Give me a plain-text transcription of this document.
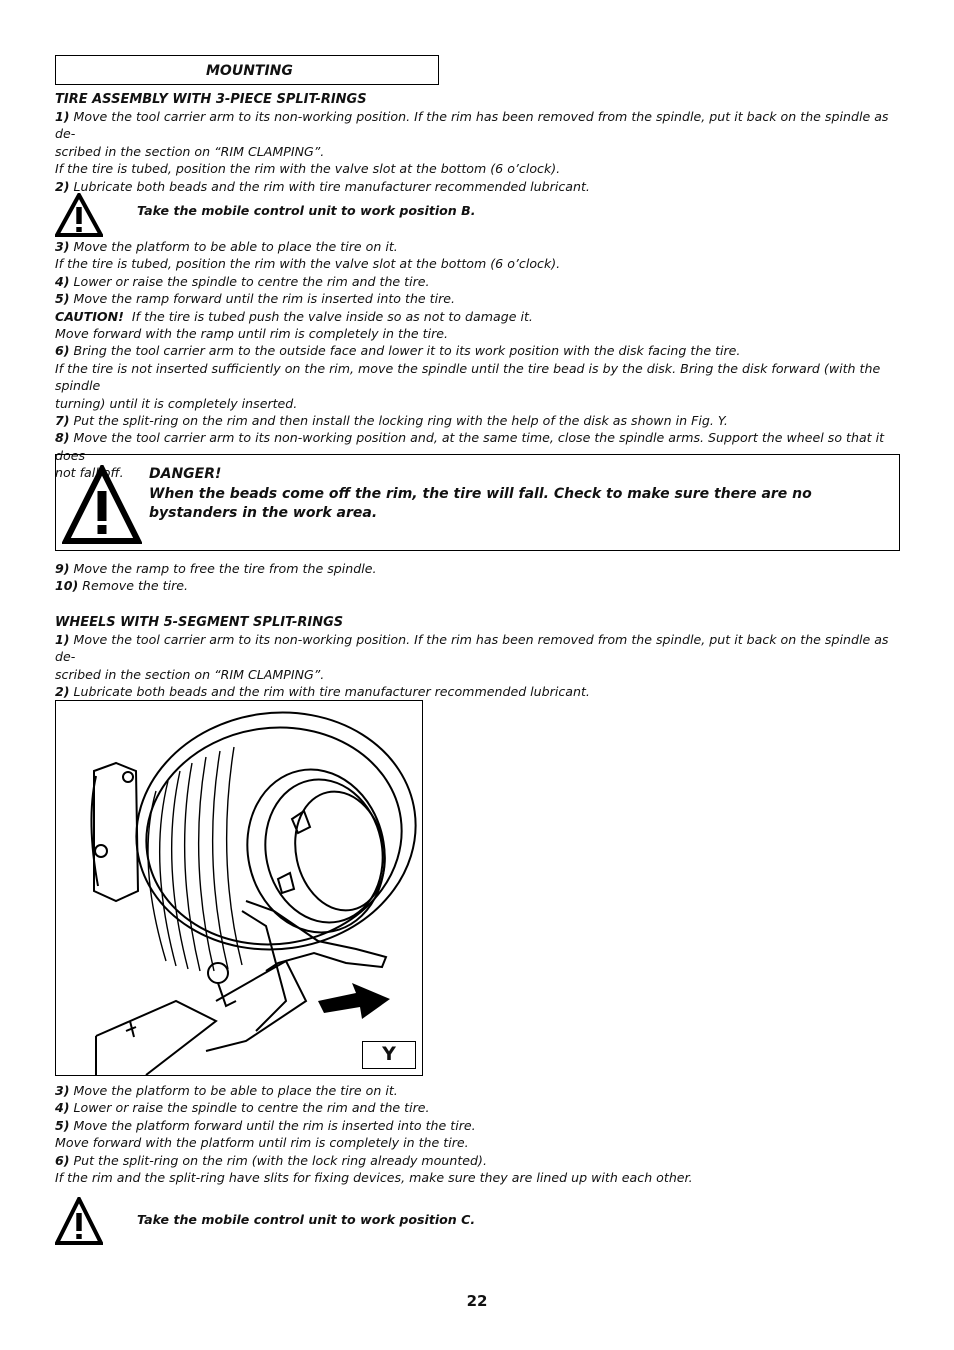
MOUNTING

TIRE ASSEMBLY WITH 3-PIECE SPLIT-RINGS

1) Move the tool carrier arm to its non-working position. If the rim has been removed from the spindle, put it back on the spindle as de-

scribed in the section on “RIM CLAMPING”.

If the tire is tubed, position the rim with the valve slot at the bottom (6 o’clock).

2) Lubricate both beads and the rim with tire manufacturer recommended lubricant.

Take the mobile control unit to work position B.

3) Move the platform to be able to place the tire on it.

If the tire is tubed, position the rim with the valve slot at the bottom (6 o’clock).

4) Lower or raise the spindle to centre the rim and the tire.

5) Move the ramp forward until the rim is inserted into the tire.

CAUTION!  If the tire is tubed push the valve inside so as not to damage it.

Move forward with the ramp until rim is completely in the tire.

6) Bring the tool carrier arm to the outside face and lower it to its work position with the disk facing the tire.

If the tire is not inserted sufficiently on the rim, move the spindle until the tire bead is by the disk. Bring the disk forward (with the spindle

turning) until it is completely inserted.

7) Put the split-ring on the rim and then install the locking ring with the help of the disk as shown in Fig. Y.

8) Move the tool carrier arm to its non-working position and, at the same time, close the spindle arms. Support the wheel so that it does

not fall off.	DANGER!
When the beads come off the rim, the tire will fall. Check to make sure there are no bystanders in the work area.

9) Move the ramp to free the tire from the spindle.

10) Remove the tire.

WHEELS WITH 5-SEGMENT SPLIT-RINGS

1) Move the tool carrier arm to its non-working position. If the rim has been removed from the spindle, put it back on the spindle as de-

scribed in the section on “RIM CLAMPING”.

2) Lubricate both beads and the rim with tire manufacturer recommended lubricant.

Y

3) Move the platform to be able to place the tire on it.

4) Lower or raise the spindle to centre the rim and the tire.

5) Move the platform forward until the rim is inserted into the tire.

Move forward with the platform until rim is completely in the tire.

6) Put the split-ring on the rim (with the lock ring already mounted).

If the rim and the split-ring have slits for fixing devices, make sure they are lined up with each other.

Take the mobile control unit to work position C.
22
